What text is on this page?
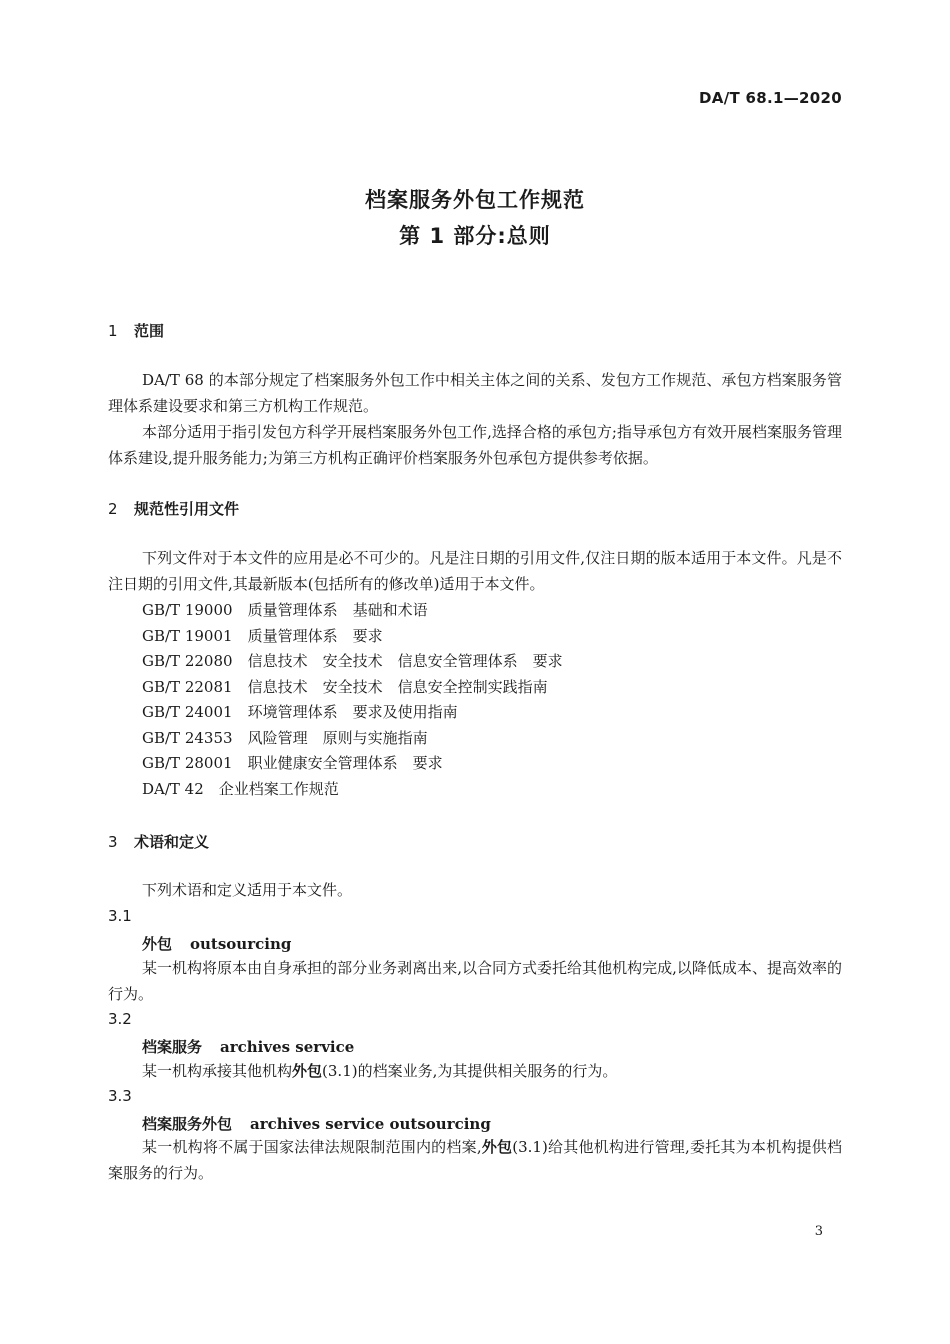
DA/T 68.1—2020
档案服务外包工作规范
第 1 部分:总则
1 范围
DA/T 68 的本部分规定了档案服务外包工作中相关主体之间的关系、发包方工作规范、承包方档案服务管理体系建设要求和第三方机构工作规范。
本部分适用于指引发包方科学开展档案服务外包工作,选择合格的承包方;指导承包方有效开展档案服务管理体系建设,提升服务能力;为第三方机构正确评价档案服务外包承包方提供参考依据。
2 规范性引用文件
下列文件对于本文件的应用是必不可少的。凡是注日期的引用文件,仅注日期的版本适用于本文件。凡是不注日期的引用文件,其最新版本(包括所有的修改单)适用于本文件。
GB/T 19000　 质量管理体系　基础和术语
GB/T 19001　 质量管理体系　要求
GB/T 22080　 信息技术　安全技术　信息安全管理体系　要求
GB/T 22081　 信息技术　安全技术　信息安全控制实践指南
GB/T 24001　 环境管理体系　要求及使用指南
GB/T 24353　 风险管理　原则与实施指南
GB/T 28001　 职业健康安全管理体系　要求
DA/T 42　 企业档案工作规范
3 术语和定义
下列术语和定义适用于本文件。
3.1
外包 outsourcing
某一机构将原本由自身承担的部分业务剥离出来,以合同方式委托给其他机构完成,以降低成本、提高效率的行为。
3.2
档案服务 archives service
某一机构承接其他机构外包(3.1)的档案业务,为其提供相关服务的行为。
3.3
档案服务外包 archives service outsourcing
某一机构将不属于国家法律法规限制范围内的档案,外包(3.1)给其他机构进行管理,委托其为本机构提供档案服务的行为。
3
